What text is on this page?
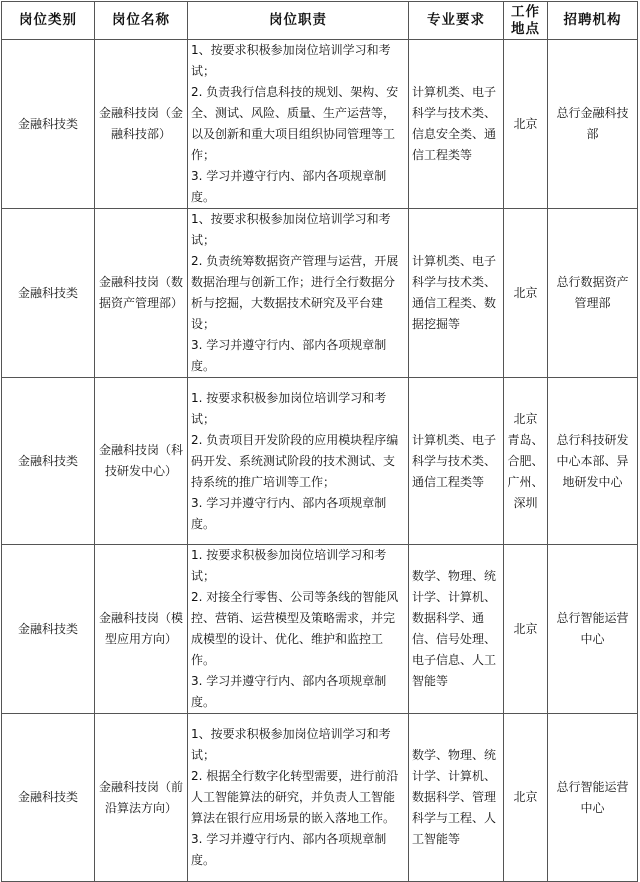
岗位类别	岗位名称	岗位职责	专业要求	工作地点	招聘机构
金融科技类	金融科技岗（金融科技部）	1、按要求积极参加岗位培训学习和考试；
2. 负责我行信息科技的规划、架构、安全、测试、风险、质量、生产运营等，以及创新和重大项目组织协同管理等工作；
3. 学习并遵守行内、部内各项规章制度。	计算机类、电子科学与技术类、信息安全类、通信工程类等	北京	总行金融科技部
金融科技类	金融科技岗（数据资产管理部）	1、按要求积极参加岗位培训学习和考试；
2. 负责统筹数据资产管理与运营，开展数据治理与创新工作；进行全行数据分析与挖掘，大数据技术研究及平台建设；
3. 学习并遵守行内、部内各项规章制度。	计算机类、电子科学与技术类、通信工程类、数据挖掘等	北京	总行数据资产管理部
金融科技类	金融科技岗（科技研发中心）	1. 按要求积极参加岗位培训学习和考试；
2. 负责项目开发阶段的应用模块程序编码开发、系统测试阶段的技术测试、支持系统的推广培训等工作；
3. 学习并遵守行内、部内各项规章制度。	计算机类、电子科学与技术类、通信工程类等	北京 青岛、合肥、广州、深圳	总行科技研发中心本部、异地研发中心
金融科技类	金融科技岗（模型应用方向）	1. 按要求积极参加岗位培训学习和考试；
2. 对接全行零售、公司等条线的智能风控、营销、运营模型及策略需求，并完成模型的设计、优化、维护和监控工作。
3. 学习并遵守行内、部内各项规章制度。	数学、物理、统计学、计算机、数据科学、通信、信号处理、电子信息、人工智能等	北京	总行智能运营中心
金融科技类	金融科技岗（前沿算法方向）	1、按要求积极参加岗位培训学习和考试；
2. 根据全行数字化转型需要，进行前沿人工智能算法的研究，并负责人工智能算法在银行应用场景的嵌入落地工作。
3. 学习并遵守行内、部内各项规章制度。	数学、物理、统计学、计算机、数据科学、管理科学与工程、人工智能等	北京	总行智能运营中心
